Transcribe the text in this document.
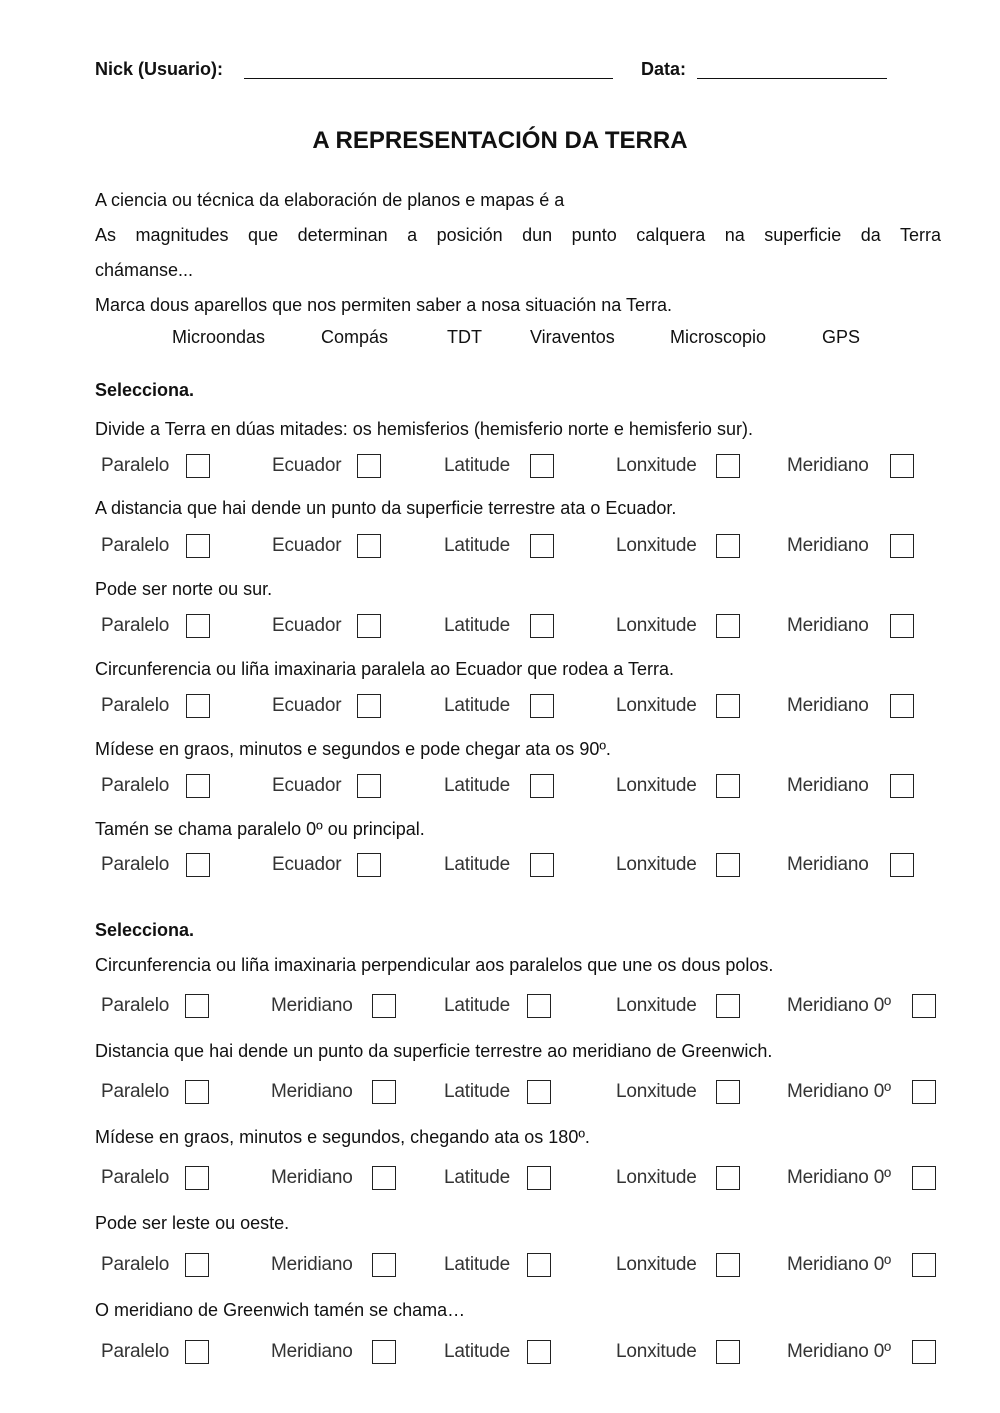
Nick (Usuario):	Data:
A REPRESENTACIÓN DA TERRA
A ciencia ou técnica da elaboración de planos e mapas é a
As magnitudes que determinan a posición dun punto calquera na superficie da Terra
chámanse...
Marca dous aparellos que nos permiten saber a nosa situación na Terra.
Microondas	Compás	TDT	Viraventos	Microscopio	GPS
Selecciona.
Divide a Terra en dúas mitades: os hemisferios (hemisferio norte e hemisferio sur).
A distancia que hai dende un punto da superficie terrestre ata o Ecuador.
Pode ser norte ou sur.
Circunferencia ou liña imaxinaria paralela ao Ecuador que rodea a Terra.
Mídese en graos, minutos e segundos e pode chegar ata os 90º.
Tamén se chama paralelo 0º ou principal.
Selecciona.
Circunferencia ou liña imaxinaria perpendicular aos paralelos que une os dous polos.
Distancia que hai dende un punto da superficie terrestre ao meridiano de Greenwich.
Mídese en graos, minutos e segundos, chegando ata os 180º.
Pode ser leste ou oeste.
O meridiano de Greenwich tamén se chama…
Paralelo	Ecuador	Latitude	Lonxitude	Meridiano
Paralelo	Ecuador	Latitude	Lonxitude	Meridiano
Paralelo	Ecuador	Latitude	Lonxitude	Meridiano
Paralelo	Ecuador	Latitude	Lonxitude	Meridiano
Paralelo	Ecuador	Latitude	Lonxitude	Meridiano
Paralelo	Ecuador	Latitude	Lonxitude	Meridiano
Paralelo	Meridiano	Latitude	Lonxitude	Meridiano 0º
Paralelo	Meridiano	Latitude	Lonxitude	Meridiano 0º
Paralelo	Meridiano	Latitude	Lonxitude	Meridiano 0º
Paralelo	Meridiano	Latitude	Lonxitude	Meridiano 0º
Paralelo	Meridiano	Latitude	Lonxitude	Meridiano 0º
